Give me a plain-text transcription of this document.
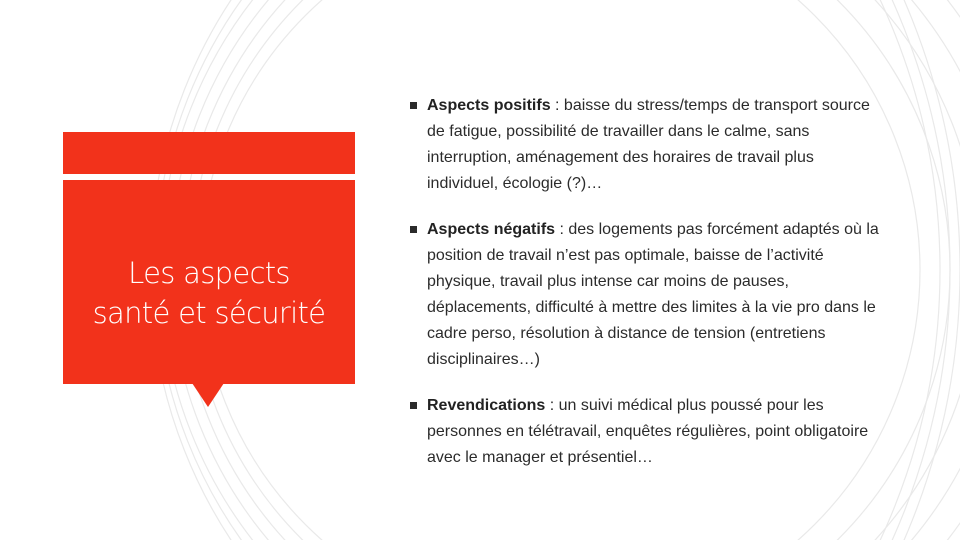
Les aspects
santé et sécurité
Aspects positifs : baisse du stress/temps de transport source de fatigue, possibilité de travailler dans le calme, sans interruption, aménagement des horaires de travail plus individuel, écologie (?)…
Aspects négatifs : des logements pas forcément adaptés où la position de travail n’est pas optimale, baisse de l’activité physique, travail plus intense car moins de pauses, déplacements, difficulté à mettre des limites à la vie pro dans le cadre perso, résolution à distance de tension (entretiens disciplinaires…)
Revendications : un suivi médical plus poussé pour les personnes en télétravail, enquêtes régulières, point obligatoire avec le manager et présentiel…
